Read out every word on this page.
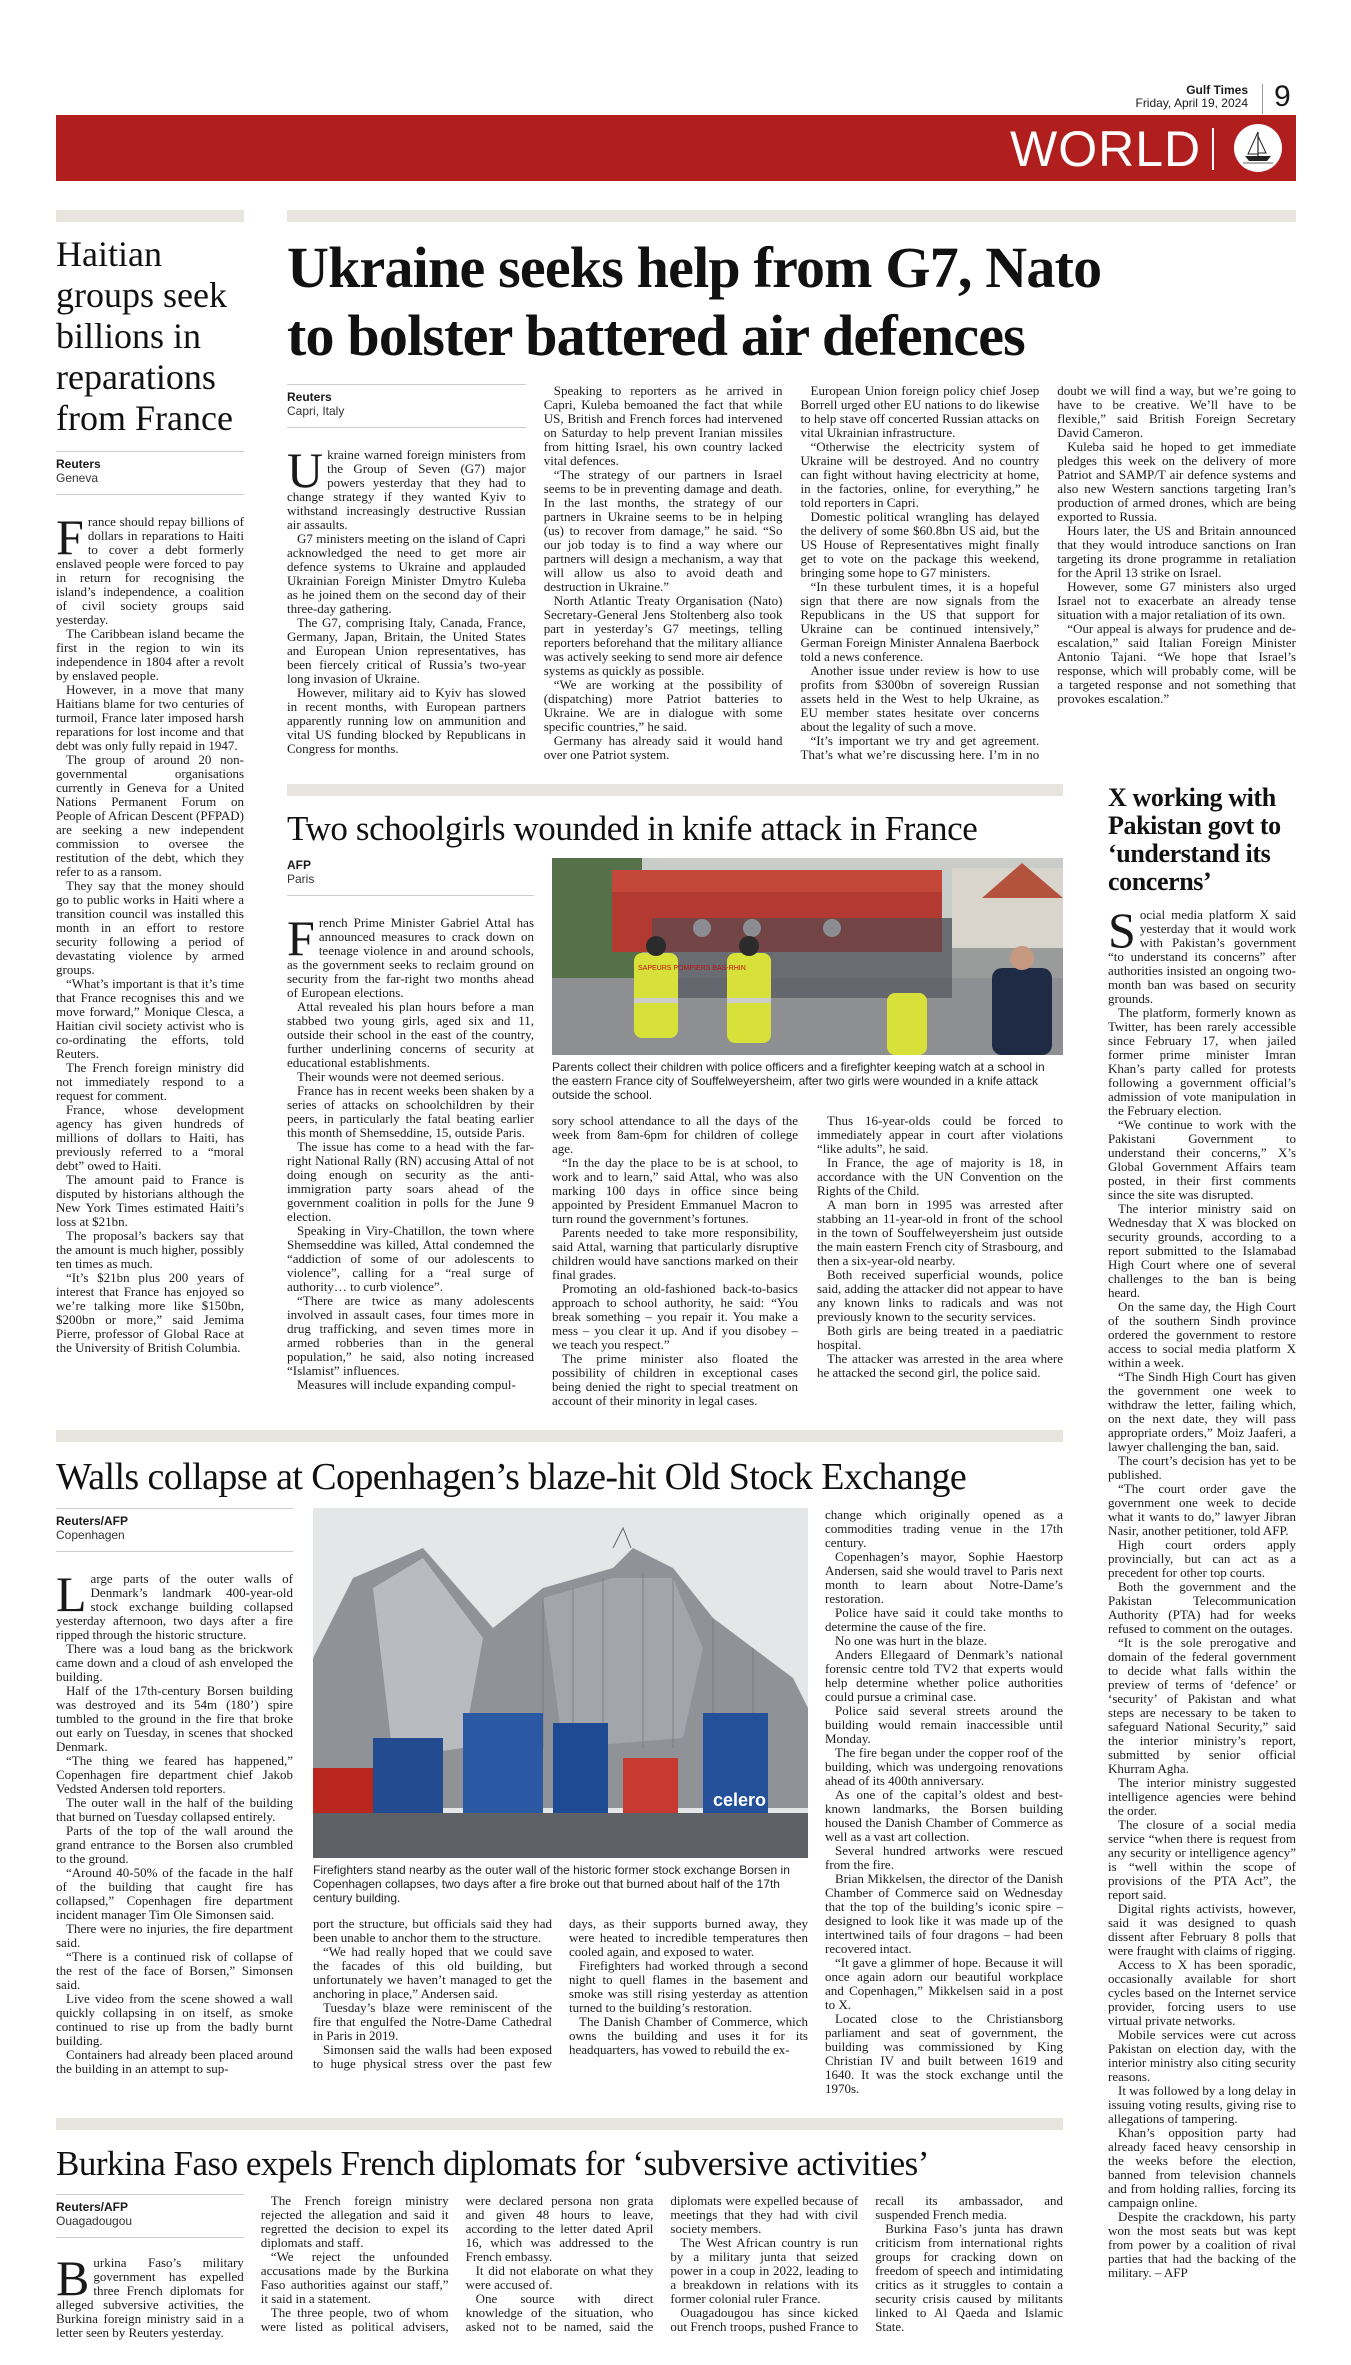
Gulf Times
Friday, April 19, 2024 9
WORLD
Haitian groups seek billions in reparations from France
Reuters
Geneva

France should repay billions of dollars in reparations to Haiti to cover a debt formerly enslaved people were forced to pay in return for recognising the island’s independence, a coalition of civil society groups said yesterday.

The Caribbean island became the first in the region to win its independence in 1804 after a revolt by enslaved people.

However, in a move that many Haitians blame for two centuries of turmoil, France later imposed harsh reparations for lost income and that debt was only fully repaid in 1947.

The group of around 20 non-governmental organisations currently in Geneva for a United Nations Permanent Forum on People of African Descent (PFPAD) are seeking a new independent commission to oversee the restitution of the debt, which they refer to as a ransom.

They say that the money should go to public works in Haiti where a transition council was installed this month in an effort to restore security following a period of devastating violence by armed groups.

“What’s important is that it’s time that France recognises this and we move forward,” Monique Clesca, a Haitian civil society activist who is co-ordinating the efforts, told Reuters.

The French foreign ministry did not immediately respond to a request for comment.

France, whose development agency has given hundreds of millions of dollars to Haiti, has previously referred to a “moral debt” owed to Haiti.

The amount paid to France is disputed by historians although the New York Times estimated Haiti’s loss at $21bn.

The proposal’s backers say that the amount is much higher, possibly ten times as much.

“It’s $21bn plus 200 years of interest that France has enjoyed so we’re talking more like $150bn, $200bn or more,” said Jemima Pierre, professor of Global Race at the University of British Columbia.

Ukraine seeks help from G7, Nato
to bolster battered air defences
Reuters
Capri, Italy

Ukraine warned foreign ministers from the Group of Seven (G7) major powers yesterday that they had to change strategy if they wanted Kyiv to withstand increasingly destructive Russian air assaults.

G7 ministers meeting on the island of Capri acknowledged the need to get more air defence systems to Ukraine and applauded Ukrainian Foreign Minister Dmytro Kuleba as he joined them on the second day of their three-day gathering.

The G7, comprising Italy, Canada, France, Germany, Japan, Britain, the United States and European Union representatives, has been fiercely critical of Russia’s two-year long invasion of Ukraine.

However, military aid to Kyiv has slowed in recent months, with European partners apparently running low on ammunition and vital US funding blocked by Republicans in Congress for months.

Speaking to reporters as he arrived in Capri, Kuleba bemoaned the fact that while US, British and French forces had intervened on Saturday to help prevent Iranian missiles from hitting Israel, his own country lacked vital defences.

“The strategy of our partners in Israel seems to be in preventing damage and death. In the last months, the strategy of our partners in Ukraine seems to be in helping (us) to recover from damage,” he said. “So our job today is to find a way where our partners will design a mechanism, a way that will allow us also to avoid death and destruction in Ukraine.”

North Atlantic Treaty Organisation (Nato) Secretary-General Jens Stoltenberg also took part in yesterday’s G7 meetings, telling reporters beforehand that the military alliance was actively seeking to send more air defence systems as quickly as possible.

“We are working at the possibility of (dispatching) more Patriot batteries to Ukraine. We are in dialogue with some specific countries,” he said.

Germany has already said it would hand over one Patriot system.

European Union foreign policy chief Josep Borrell urged other EU nations to do likewise to help stave off concerted Russian attacks on vital Ukrainian infrastructure.

“Otherwise the electricity system of Ukraine will be destroyed. And no country can fight without having electricity at home, in the factories, online, for everything,” he told reporters in Capri.

Domestic political wrangling has delayed the delivery of some $60.8bn US aid, but the US House of Representatives might finally get to vote on the package this weekend, bringing some hope to G7 ministers.

“In these turbulent times, it is a hopeful sign that there are now signals from the Republicans in the US that support for Ukraine can be continued intensively,” German Foreign Minister Annalena Baerbock told a news conference.

Another issue under review is how to use profits from $300bn of sovereign Russian assets held in the West to help Ukraine, as EU member states hesitate over concerns about the legality of such a move.

“It’s important we try and get agreement. That’s what we’re discussing here. I’m in no doubt we will find a way, but we’re going to have to be creative. We’ll have to be flexible,” said British Foreign Secretary David Cameron.

Kuleba said he hoped to get immediate pledges this week on the delivery of more Patriot and SAMP/T air defence systems and also new Western sanctions targeting Iran’s production of armed drones, which are being exported to Russia.

Hours later, the US and Britain announced that they would introduce sanctions on Iran targeting its drone programme in retaliation for the April 13 strike on Israel.

However, some G7 ministers also urged Israel not to exacerbate an already tense situation with a major retaliation of its own.

“Our appeal is always for prudence and de-escalation,” said Italian Foreign Minister Antonio Tajani. “We hope that Israel’s response, which will probably come, will be a targeted response and not something that provokes escalation.”

Two schoolgirls wounded in knife attack in France
AFP
Paris

French Prime Minister Gabriel Attal has announced measures to crack down on teenage violence in and around schools, as the government seeks to reclaim ground on security from the far-right two months ahead of European elections.

Attal revealed his plan hours before a man stabbed two young girls, aged six and 11, outside their school in the east of the country, further underlining concerns of security at educational establishments.

Their wounds were not deemed serious.

France has in recent weeks been shaken by a series of attacks on schoolchildren by their peers, in particularly the fatal beating earlier this month of Shemseddine, 15, outside Paris.

The issue has come to a head with the far-right National Rally (RN) accusing Attal of not doing enough on security as the anti-immigration party soars ahead of the government coalition in polls for the June 9 election.

Speaking in Viry-Chatillon, the town where Shemseddine was killed, Attal condemned the “addiction of some of our adolescents to violence”, calling for a “real surge of authority… to curb violence”.

“There are twice as many adolescents involved in assault cases, four times more in drug trafficking, and seven times more in armed robberies than in the general population,” he said, also noting increased “Islamist” influences.

Measures will include expanding compul-

SAPEURS POMPIERS BAS-RHIN
Parents collect their children with police officers and a firefighter keeping watch at a school in the eastern France city of Souffelweyersheim, after two girls were wounded in a knife attack outside the school.

sory school attendance to all the days of the week from 8am-6pm for children of college age.

“In the day the place to be is at school, to work and to learn,” said Attal, who was also marking 100 days in office since being appointed by President Emmanuel Macron to turn round the government’s fortunes.

Parents needed to take more responsibility, said Attal, warning that particularly disruptive children would have sanctions marked on their final grades.

Promoting an old-fashioned back-to-basics approach to school authority, he said: “You break something – you repair it. You make a mess – you clear it up. And if you disobey – we teach you respect.”

The prime minister also floated the possibility of children in exceptional cases being denied the right to special treatment on account of their minority in legal cases.

Thus 16-year-olds could be forced to immediately appear in court after violations “like adults”, he said.

In France, the age of majority is 18, in accordance with the UN Convention on the Rights of the Child.

A man born in 1995 was arrested after stabbing an 11-year-old in front of the school in the town of Souffelweyersheim just outside the main eastern French city of Strasbourg, and then a six-year-old nearby.

Both received superficial wounds, police said, adding the attacker did not appear to have any known links to radicals and was not previously known to the security services.

Both girls are being treated in a paediatric hospital.

The attacker was arrested in the area where he attacked the second girl, the police said.

X working with Pakistan govt to ‘understand its concerns’

Social media platform X said yesterday that it would work with Pakistan’s government “to understand its concerns” after authorities insisted an ongoing two-month ban was based on security grounds.

The platform, formerly known as Twitter, has been rarely accessible since February 17, when jailed former prime minister Imran Khan’s party called for protests following a government official’s admission of vote manipulation in the February election.

“We continue to work with the Pakistani Government to understand their concerns,” X’s Global Government Affairs team posted, in their first comments since the site was disrupted.

The interior ministry said on Wednesday that X was blocked on security grounds, according to a report submitted to the Islamabad High Court where one of several challenges to the ban is being heard.

On the same day, the High Court of the southern Sindh province ordered the government to restore access to social media platform X within a week.

“The Sindh High Court has given the government one week to withdraw the letter, failing which, on the next date, they will pass appropriate orders,” Moiz Jaaferi, a lawyer challenging the ban, said.

The court’s decision has yet to be published.

“The court order gave the government one week to decide what it wants to do,” lawyer Jibran Nasir, another petitioner, told AFP.

High court orders apply provincially, but can act as a precedent for other top courts.

Both the government and the Pakistan Telecommunication Authority (PTA) had for weeks refused to comment on the outages.

“It is the sole prerogative and domain of the federal government to decide what falls within the preview of terms of ‘defence’ or ‘security’ of Pakistan and what steps are necessary to be taken to safeguard National Security,” said the interior ministry’s report, submitted by senior official Khurram Agha.

The interior ministry suggested intelligence agencies were behind the order.

The closure of a social media service “when there is request from any security or intelligence agency” is “well within the scope of provisions of the PTA Act”, the report said.

Digital rights activists, however, said it was designed to quash dissent after February 8 polls that were fraught with claims of rigging.

Access to X has been sporadic, occasionally available for short cycles based on the Internet service provider, forcing users to use virtual private networks.

Mobile services were cut across Pakistan on election day, with the interior ministry also citing security reasons.

It was followed by a long delay in issuing voting results, giving rise to allegations of tampering.

Khan’s opposition party had already faced heavy censorship in the weeks before the election, banned from television channels and from holding rallies, forcing its campaign online.

Despite the crackdown, his party won the most seats but was kept from power by a coalition of rival parties that had the backing of the military. – AFP

Walls collapse at Copenhagen’s blaze-hit Old Stock Exchange
Reuters/AFP
Copenhagen

Large parts of the outer walls of Denmark’s landmark 400-year-old stock exchange building collapsed yesterday afternoon, two days after a fire ripped through the historic structure.

There was a loud bang as the brickwork came down and a cloud of ash enveloped the building.

Half of the 17th-century Borsen building was destroyed and its 54m (180’) spire tumbled to the ground in the fire that broke out early on Tuesday, in scenes that shocked Denmark.

“The thing we feared has happened,” Copenhagen fire department chief Jakob Vedsted Andersen told reporters.

The outer wall in the half of the building that burned on Tuesday collapsed entirely.

Parts of the top of the wall around the grand entrance to the Borsen also crumbled to the ground.

“Around 40-50% of the facade in the half of the building that caught fire has collapsed,” Copenhagen fire department incident manager Tim Ole Simonsen said.

There were no injuries, the fire department said.

“There is a continued risk of collapse of the rest of the face of Borsen,” Simonsen said.

Live video from the scene showed a wall quickly collapsing in on itself, as smoke continued to rise up from the badly burnt building.

Containers had already been placed around the building in an attempt to sup-

celero
Firefighters stand nearby as the outer wall of the historic former stock exchange Borsen in Copenhagen collapses, two days after a fire broke out that burned about half of the 17th century building.

port the structure, but officials said they had been unable to anchor them to the structure.

“We had really hoped that we could save the facades of this old building, but unfortunately we haven’t managed to get the anchoring in place,” Andersen said.

Tuesday’s blaze were reminiscent of the fire that engulfed the Notre-Dame Cathedral in Paris in 2019.

Simonsen said the walls had been exposed to huge physical stress over the past few days, as their supports burned away, they were heated to incredible temperatures then cooled again, and exposed to water.

Firefighters had worked through a second night to quell flames in the basement and smoke was still rising yesterday as attention turned to the building’s restoration.

The Danish Chamber of Commerce, which owns the building and uses it for its headquarters, has vowed to rebuild the ex-

change which originally opened as a commodities trading venue in the 17th century.

Copenhagen’s mayor, Sophie Haestorp Andersen, said she would travel to Paris next month to learn about Notre-Dame’s restoration.

Police have said it could take months to determine the cause of the fire.

No one was hurt in the blaze.

Anders Ellegaard of Denmark’s national forensic centre told TV2 that experts would help determine whether police authorities could pursue a criminal case.

Police said several streets around the building would remain inaccessible until Monday.

The fire began under the copper roof of the building, which was undergoing renovations ahead of its 400th anniversary.

As one of the capital’s oldest and best-known landmarks, the Borsen building housed the Danish Chamber of Commerce as well as a vast art collection.

Several hundred artworks were rescued from the fire.

Brian Mikkelsen, the director of the Danish Chamber of Commerce said on Wednesday that the top of the building’s iconic spire – designed to look like it was made up of the intertwined tails of four dragons – had been recovered intact.

“It gave a glimmer of hope. Because it will once again adorn our beautiful workplace and Copenhagen,” Mikkelsen said in a post to X.

Located close to the Christiansborg parliament and seat of government, the building was commissioned by King Christian IV and built between 1619 and 1640. It was the stock exchange until the 1970s.

Burkina Faso expels French diplomats for ‘subversive activities’
Reuters/AFP
Ouagadougou

Burkina Faso’s military government has expelled three French diplomats for alleged subversive activities, the Burkina foreign ministry said in a letter seen by Reuters yesterday.

The French foreign ministry rejected the allegation and said it regretted the decision to expel its diplomats and staff.

“We reject the unfounded accusations made by the Burkina Faso authorities against our staff,” it said in a statement.

The three people, two of whom were listed as political advisers, were declared persona non grata and given 48 hours to leave, according to the letter dated April 16, which was addressed to the French embassy.

It did not elaborate on what they were accused of.

One source with direct knowledge of the situation, who asked not to be named, said the diplomats were expelled because of meetings that they had with civil society members.

The West African country is run by a military junta that seized power in a coup in 2022, leading to a breakdown in relations with its former colonial ruler France.

Ouagadougou has since kicked out French troops, pushed France to recall its ambassador, and suspended French media.

Burkina Faso’s junta has drawn criticism from international rights groups for cracking down on freedom of speech and intimidating critics as it struggles to contain a security crisis caused by militants linked to Al Qaeda and Islamic State.
